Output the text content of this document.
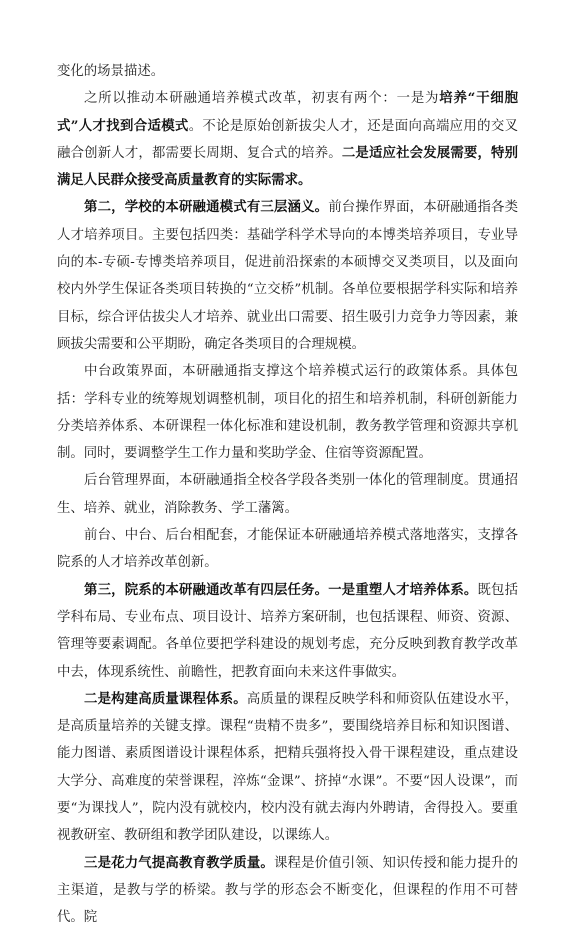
变化的场景描述。

之所以推动本研融通培养模式改革，初衷有两个：一是为培养“干细胞式”人才找到合适模式。不论是原始创新拔尖人才，还是面向高端应用的交叉融合创新人才，都需要长周期、复合式的培养。二是适应社会发展需要，特别满足人民群众接受高质量教育的实际需求。

第二，学校的本研融通模式有三层涵义。前台操作界面，本研融通指各类人才培养项目。主要包括四类：基础学科学术导向的本博类培养项目，专业导向的本-专硕-专博类培养项目，促进前沿探索的本硕博交叉类项目，以及面向校内外学生保证各类项目转换的“立交桥”机制。各单位要根据学科实际和培养目标，综合评估拔尖人才培养、就业出口需要、招生吸引力竞争力等因素，兼顾拔尖需要和公平期盼，确定各类项目的合理规模。

中台政策界面，本研融通指支撑这个培养模式运行的政策体系。具体包括：学科专业的统筹规划调整机制，项目化的招生和培养机制，科研创新能力分类培养体系、本研课程一体化标准和建设机制，教务教学管理和资源共享机制。同时，要调整学生工作力量和奖助学金、住宿等资源配置。

后台管理界面，本研融通指全校各学段各类别一体化的管理制度。贯通招生、培养、就业，消除教务、学工藩篱。

前台、中台、后台相配套，才能保证本研融通培养模式落地落实，支撑各院系的人才培养改革创新。

第三，院系的本研融通改革有四层任务。一是重塑人才培养体系。既包括学科布局、专业布点、项目设计、培养方案研制，也包括课程、师资、资源、管理等要素调配。各单位要把学科建设的规划考虑，充分反映到教育教学改革中去，体现系统性、前瞻性，把教育面向未来这件事做实。

二是构建高质量课程体系。高质量的课程反映学科和师资队伍建设水平，是高质量培养的关键支撑。课程“贵精不贵多”，要围绕培养目标和知识图谱、能力图谱、素质图谱设计课程体系，把精兵强将投入骨干课程建设，重点建设大学分、高难度的荣誉课程，淬炼“金课”、挤掉“水课”。不要“因人设课”，而要“为课找人”，院内没有就校内，校内没有就去海内外聘请，舍得投入。要重视教研室、教研组和教学团队建设，以课练人。

三是花力气提高教育教学质量。课程是价值引领、知识传授和能力提升的主渠道，是教与学的桥梁。教与学的形态会不断变化，但课程的作用不可替代。院
